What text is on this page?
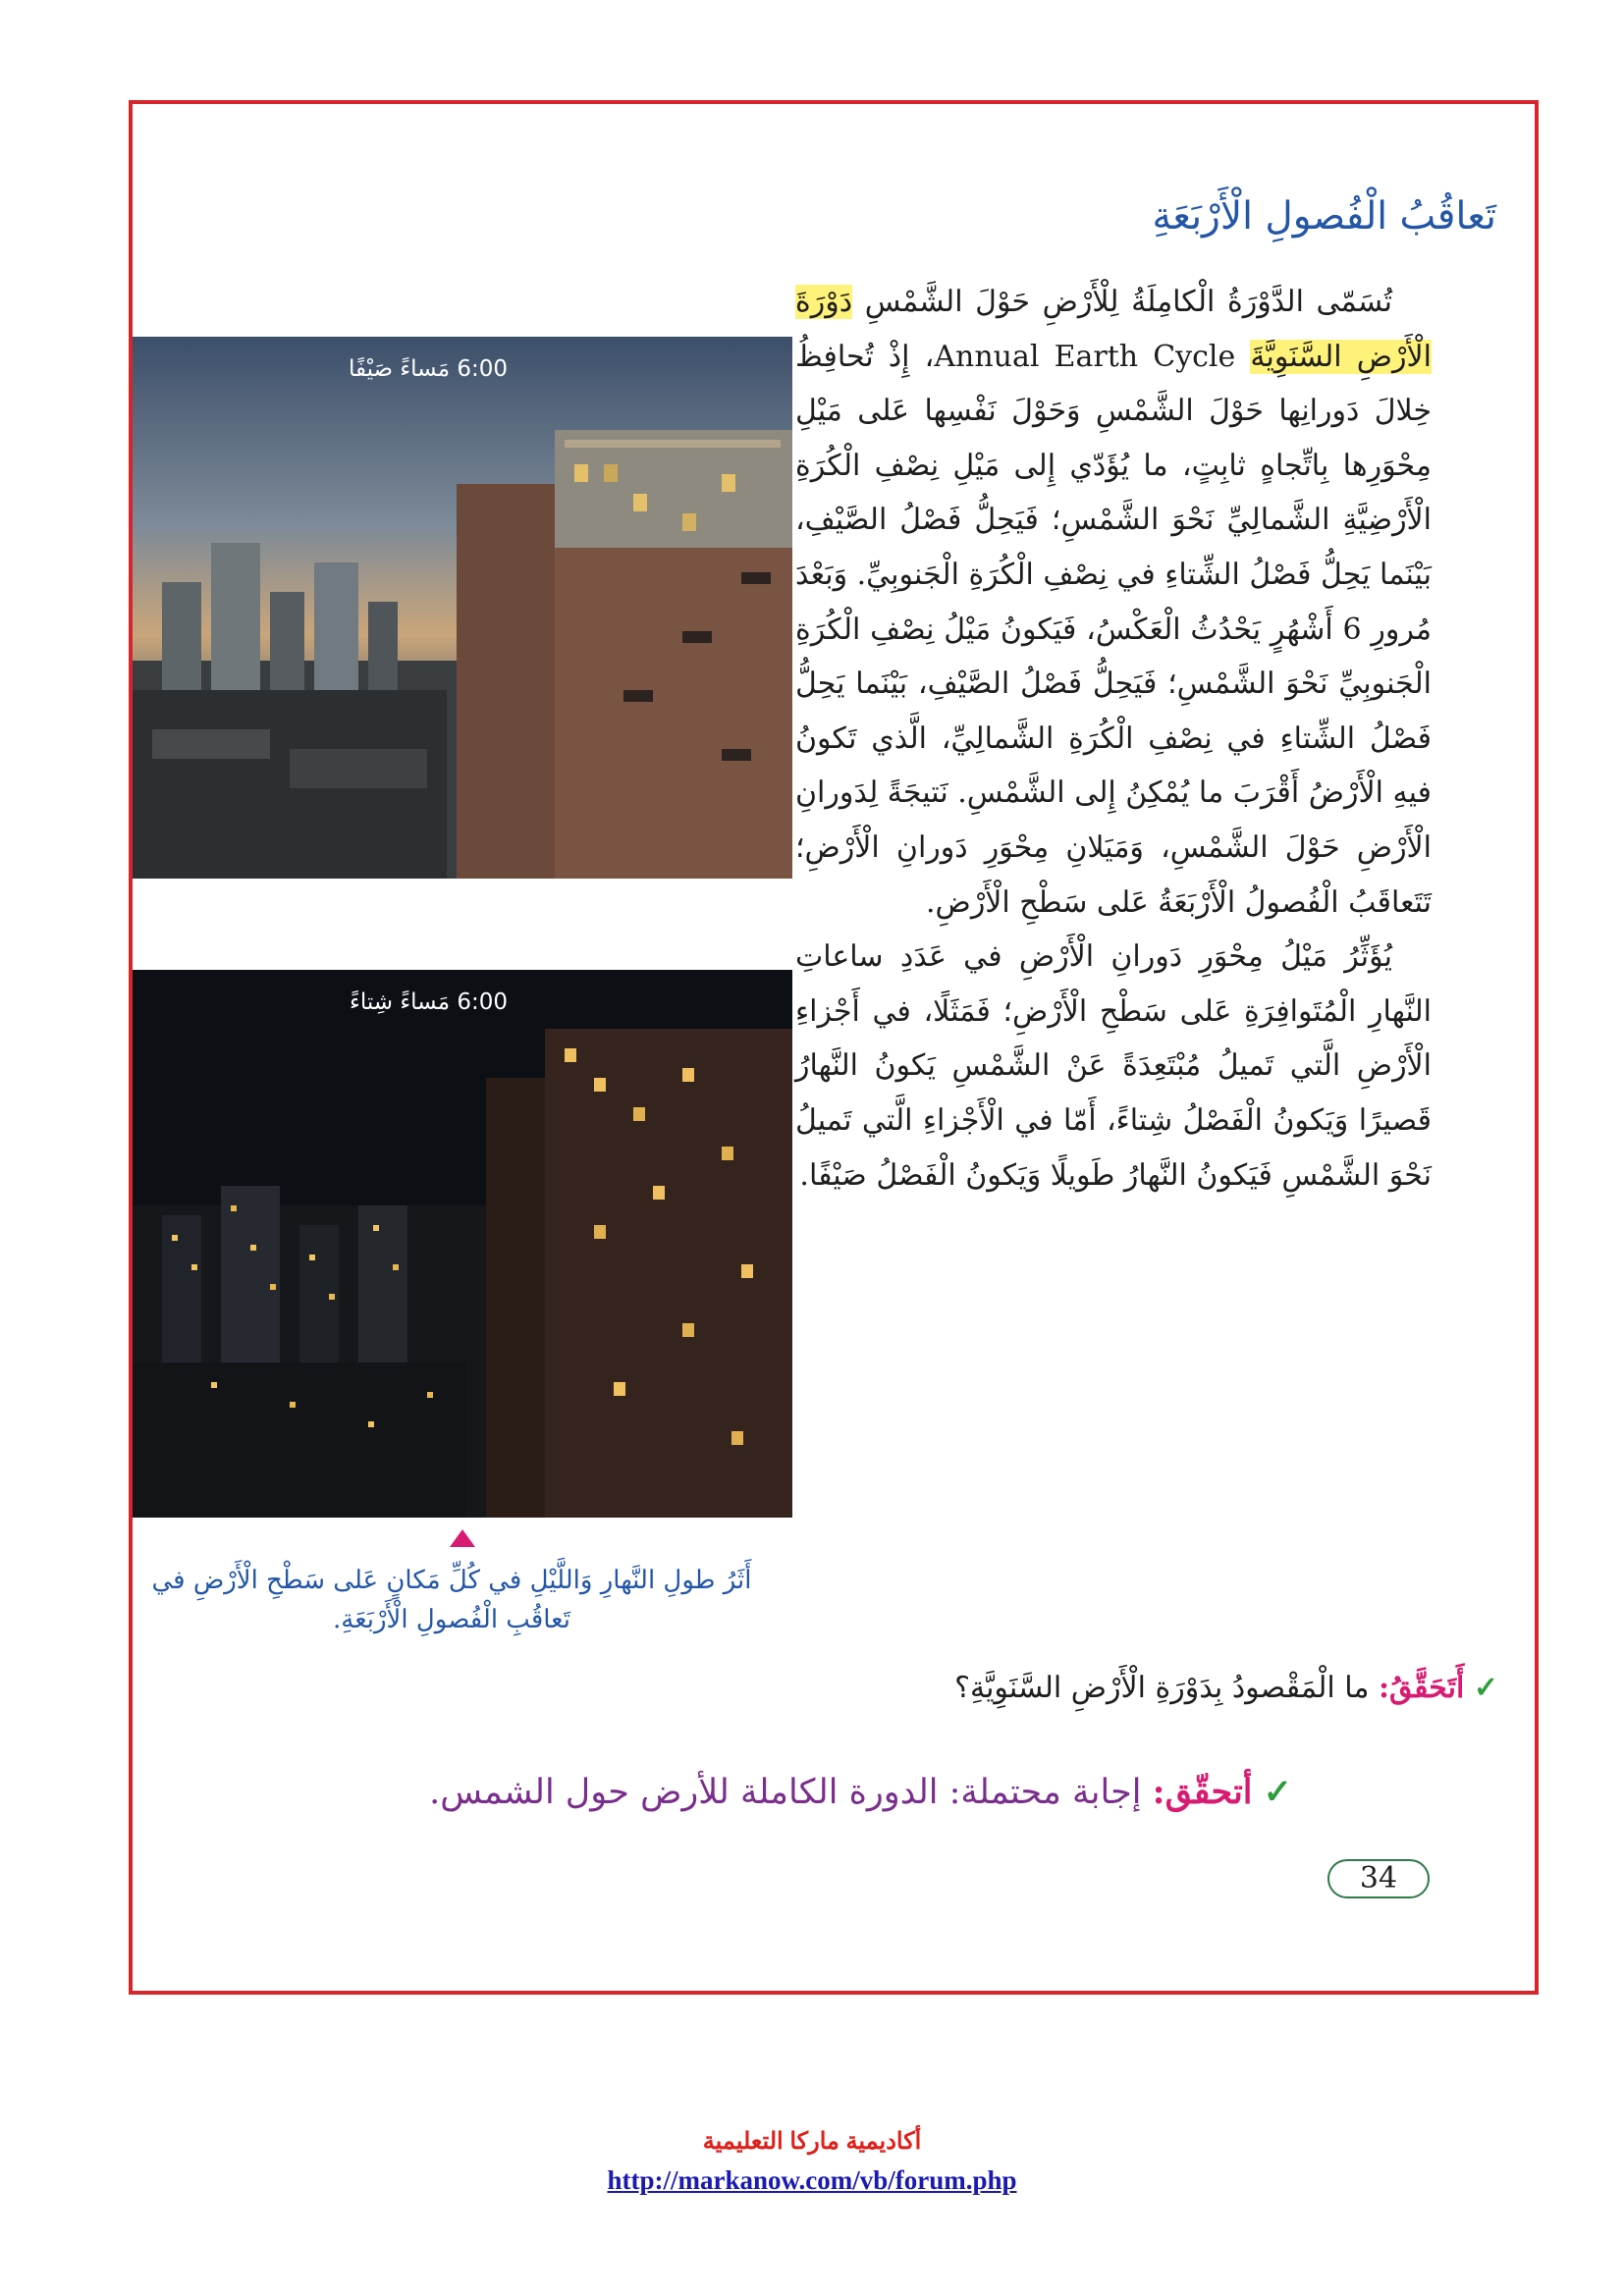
تَعاقُبُ الْفُصولِ الْأَرْبَعَةِ

تُسَمّى الدَّوْرَةُ الْكامِلَةُ لِلْأَرْضِ حَوْلَ الشَّمْسِ دَوْرَةَ الْأَرْضِ السَّنَوِيَّةَ Annual Earth Cycle، إِذْ تُحافِظُ خِلالَ دَورانِها حَوْلَ الشَّمْسِ وَحَوْلَ نَفْسِها عَلى مَيْلِ مِحْوَرِها بِاتِّجاهٍ ثابِتٍ، ما يُؤَدّي إِلى مَيْلِ نِصْفِ الْكُرَةِ الْأَرْضِيَّةِ الشَّمالِيِّ نَحْوَ الشَّمْسِ؛ فَيَحِلُّ فَصْلُ الصَّيْفِ، بَيْنَما يَحِلُّ فَصْلُ الشِّتاءِ في نِصْفِ الْكُرَةِ الْجَنوبِيِّ. وَبَعْدَ مُرورِ 6 أَشْهُرٍ يَحْدُثُ الْعَكْسُ، فَيَكونُ مَيْلُ نِصْفِ الْكُرَةِ الْجَنوبِيِّ نَحْوَ الشَّمْسِ؛ فَيَحِلُّ فَصْلُ الصَّيْفِ، بَيْنَما يَحِلُّ فَصْلُ الشِّتاءِ في نِصْفِ الْكُرَةِ الشَّمالِيِّ، الَّذي تَكونُ فيهِ الْأَرْضُ أَقْرَبَ ما يُمْكِنُ إِلى الشَّمْسِ. نَتيجَةً لِدَورانِ الْأَرْضِ حَوْلَ الشَّمْسِ، وَمَيَلانِ مِحْوَرِ دَورانِ الْأَرْضِ؛ تَتَعاقَبُ الْفُصولُ الْأَرْبَعَةُ عَلى سَطْحِ الْأَرْضِ.

يُؤَثِّرُ مَيْلُ مِحْوَرِ دَورانِ الْأَرْضِ في عَدَدِ ساعاتِ النَّهارِ الْمُتَوافِرَةِ عَلى سَطْحِ الْأَرْضِ؛ فَمَثَلًا، في أَجْزاءِ الْأَرْضِ الَّتي تَميلُ مُبْتَعِدَةً عَنْ الشَّمْسِ يَكونُ النَّهارُ قَصيرًا وَيَكونُ الْفَصْلُ شِتاءً، أَمّا في الْأَجْزاءِ الَّتي تَميلُ نَحْوَ الشَّمْسِ فَيَكونُ النَّهارُ طَويلًا وَيَكونُ الْفَصْلُ صَيْفًا.

6:00 مَساءً صَيْفًا
6:00 مَساءً شِتاءً
أَثَرُ طولِ النَّهارِ وَاللَّيْلِ في كُلِّ مَكانٍ عَلى سَطْحِ الْأَرْضِ في تَعاقُبِ الْفُصولِ الْأَرْبَعَةِ.
✓ أَتَحَقَّقُ: ما الْمَقْصودُ بِدَوْرَةِ الْأَرْضِ السَّنَوِيَّةِ؟
✓ أتحقّق: إجابة محتملة: الدورة الكاملة للأرض حول الشمس.
34
أكاديمية ماركا التعليمية
http://markanow.com/vb/forum.php
